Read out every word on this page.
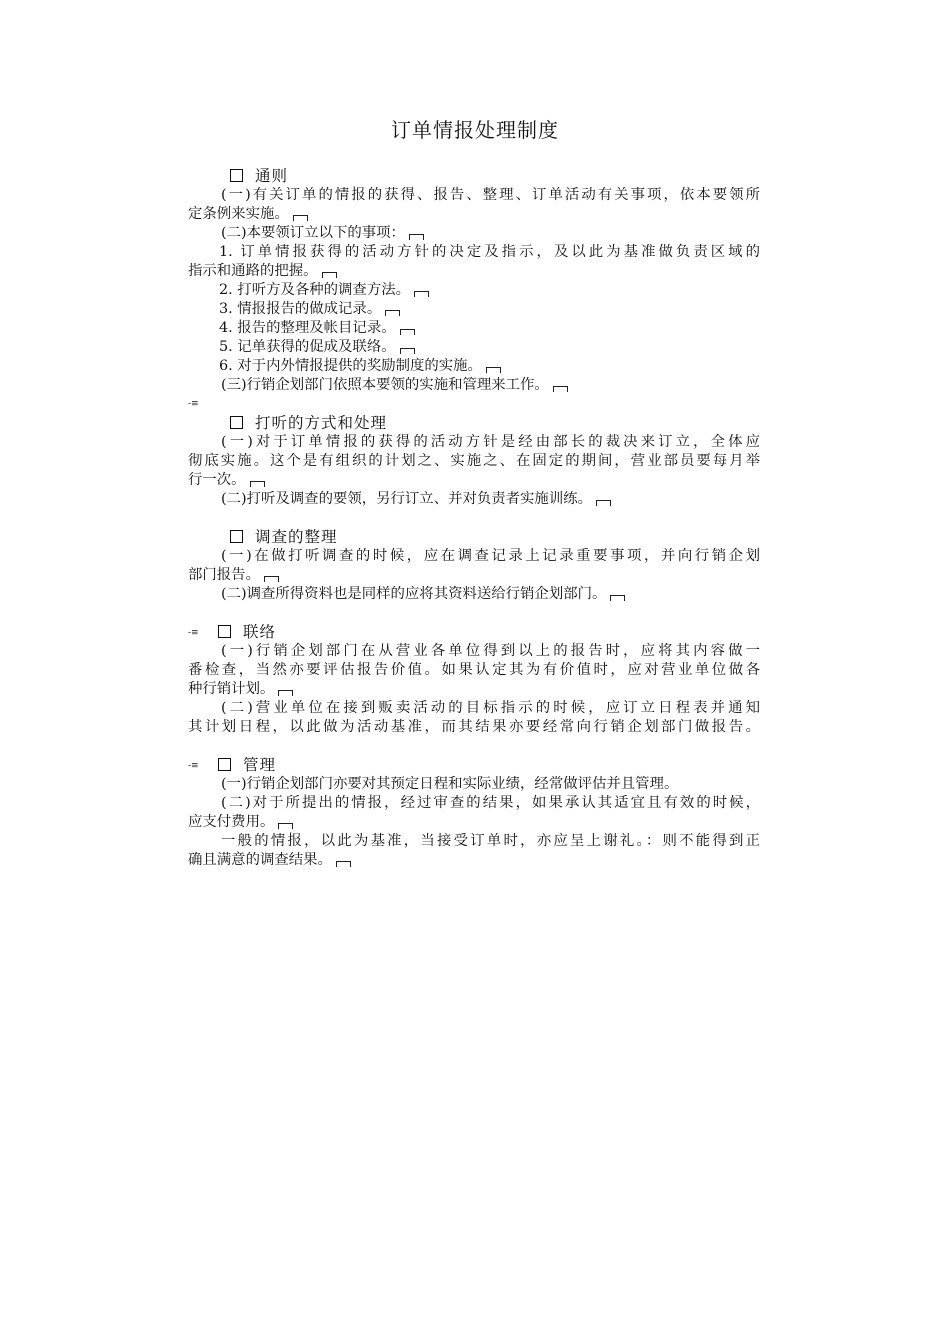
订单情报处理制度
通则
(一)有关订单的情报的获得、报告、整理、订单活动有关事项，依本要领所
定条例来实施。
(二)本要领订立以下的事项：
1. 订单情报获得的活动方针的决定及指示，及以此为基准做负责区域的
指示和通路的把握。
2. 打听方及各种的调查方法。
3. 情报报告的做成记录。
4. 报告的整理及帐目记录。
5. 记单获得的促成及联络。
6. 对于内外情报提供的奖励制度的实施。
(三)行销企划部门依照本要领的实施和管理来工作。
-≡
打听的方式和处理
(一)对于订单情报的获得的活动方针是经由部长的裁决来订立，全体应
彻底实施。这个是有组织的计划之、实施之、在固定的期间，营业部员要每月举
行一次。
(二)打听及调查的要领，另行订立、并对负责者实施训练。
调查的整理
(一)在做打听调查的时候，应在调查记录上记录重要事项，并向行销企划
部门报告。
(二)调查所得资料也是同样的应将其资料送给行销企划部门。
-≡	联络
(一)行销企划部门在从营业各单位得到以上的报告时，应将其内容做一
番检查，当然亦要评估报告价值。如果认定其为有价值时，应对营业单位做各
种行销计划。
(二)营业单位在接到贩卖活动的目标指示的时候，应订立日程表并通知
其计划日程，以此做为活动基准，而其结果亦要经常向行销企划部门做报告。
-≡	管理
(一)行销企划部门亦要对其预定日程和实际业绩，经常做评估并且管理。
(二)对于所提出的情报，经过审查的结果，如果承认其适宜且有效的时候，
应支付费用。
一般的情报，以此为基准，当接受订单时，亦应呈上谢礼。：则不能得到正
确且满意的调查结果。
